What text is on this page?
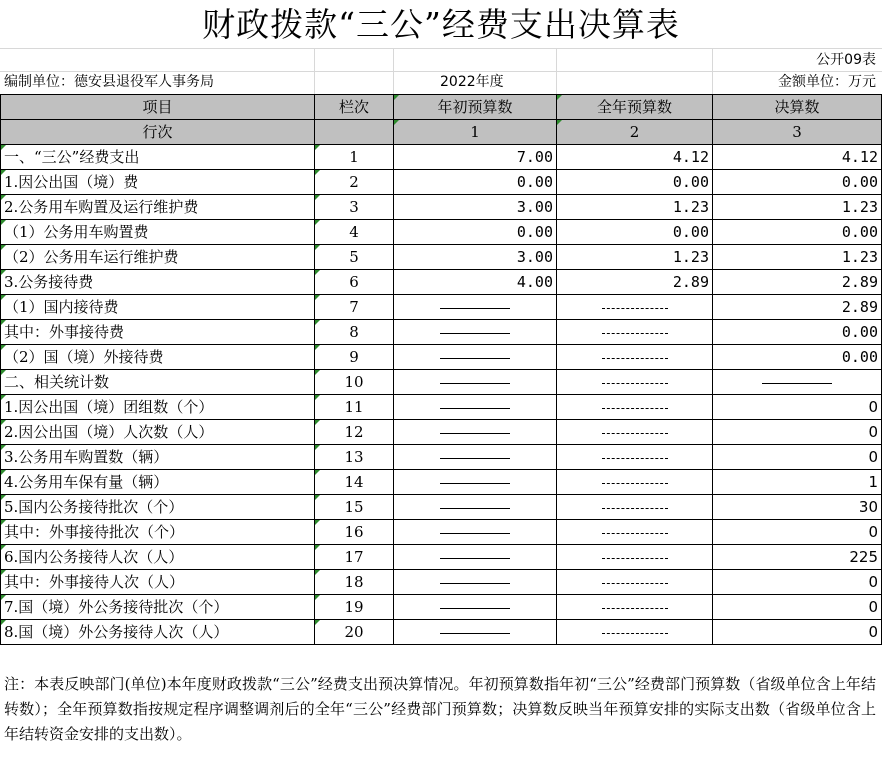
财政拨款“三公”经费支出决算表
公开09表
编制单位：德安县退役军人事务局	2022年度	金额单位：万元
项目	栏次	年初预算数	全年预算数	决算数
行次		1	2	3

一、“三公”经费支出	1	7.00	4.12	4.12

1.因公出国（境）费	2	0.00	0.00	0.00

2.公务用车购置及运行维护费	3	3.00	1.23	1.23

（1）公务用车购置费	4	0.00	0.00	0.00

（2）公务用车运行维护费	5	3.00	1.23	1.23

3.公务接待费	6	4.00	2.89	2.89

（1）国内接待费	7			2.89

其中：外事接待费	8			0.00

（2）国（境）外接待费	9			0.00

二、相关统计数	10			

1.因公出国（境）团组数（个）	11			0

2.因公出国（境）人次数（人）	12			0

3.公务用车购置数（辆）	13			0

4.公务用车保有量（辆）	14			1

5.国内公务接待批次（个）	15			30

其中：外事接待批次（个）	16			0

6.国内公务接待人次（人）	17			225

其中：外事接待人次（人）	18			0

7.国（境）外公务接待批次（个）	19			0

8.国（境）外公务接待人次（人）	20			0
注：本表反映部门(单位)本年度财政拨款“三公”经费支出预决算情况。年初预算数指年初“三公”经费部门预算数（省级单位含上年结转数）；全年预算数指按规定程序调整调剂后的全年“三公”经费部门预算数；决算数反映当年预算安排的实际支出数（省级单位含上年结转资金安排的支出数）。
